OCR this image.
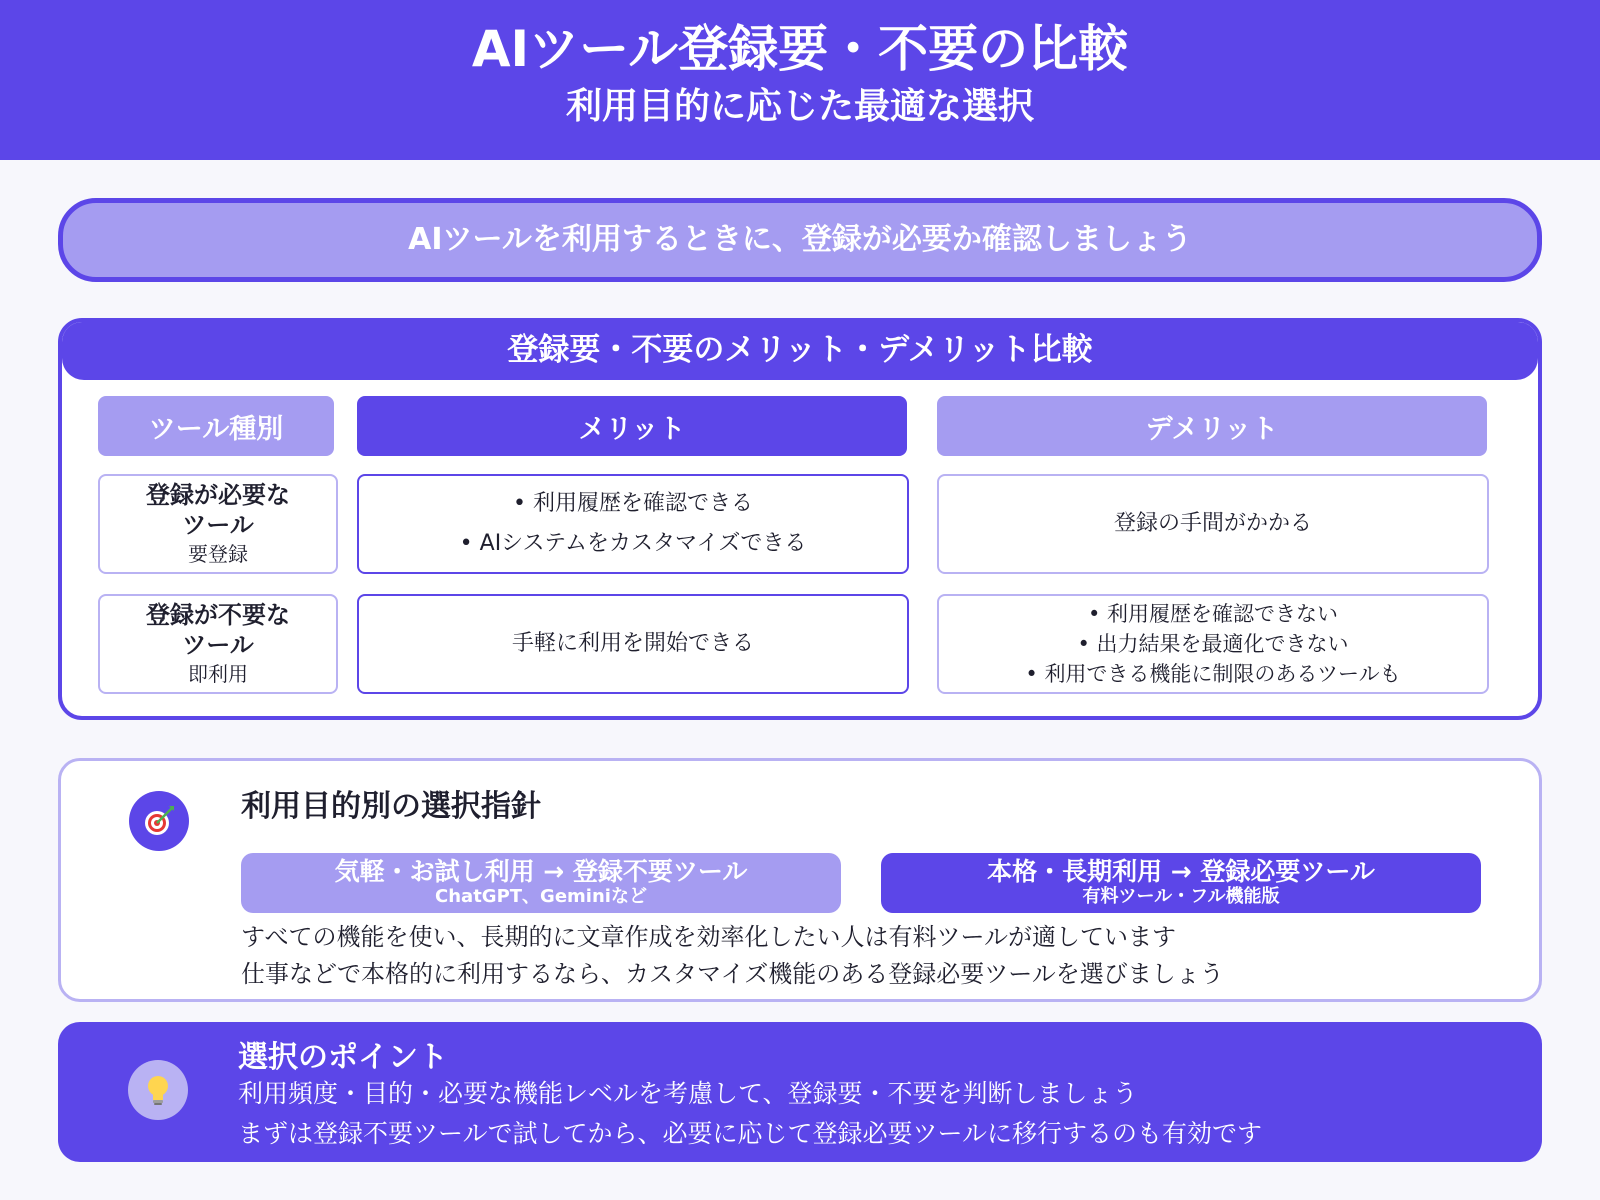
AIツール登録要・不要の比較
利用目的に応じた最適な選択
AIツールを利用するときに、登録が必要か確認しましょう
登録要・不要のメリット・デメリット比較
ツール種別	メリット	デメリット
登録が必要な
ツール
要登録
• 利用履歴を確認できる
• AIシステムをカスタマイズできる
登録の手間がかかる
登録が不要な
ツール
即利用
手軽に利用を開始できる
• 利用履歴を確認できない
• 出力結果を最適化できない
• 利用できる機能に制限のあるツールも
利用目的別の選択指針
気軽・お試し利用 → 登録不要ツール
ChatGPT、Geminiなど
本格・長期利用 → 登録必要ツール
有料ツール・フル機能版
すべての機能を使い、長期的に文章作成を効率化したい人は有料ツールが適しています
仕事などで本格的に利用するなら、カスタマイズ機能のある登録必要ツールを選びましょう
選択のポイント
利用頻度・目的・必要な機能レベルを考慮して、登録要・不要を判断しましょう
まずは登録不要ツールで試してから、必要に応じて登録必要ツールに移行するのも有効です
